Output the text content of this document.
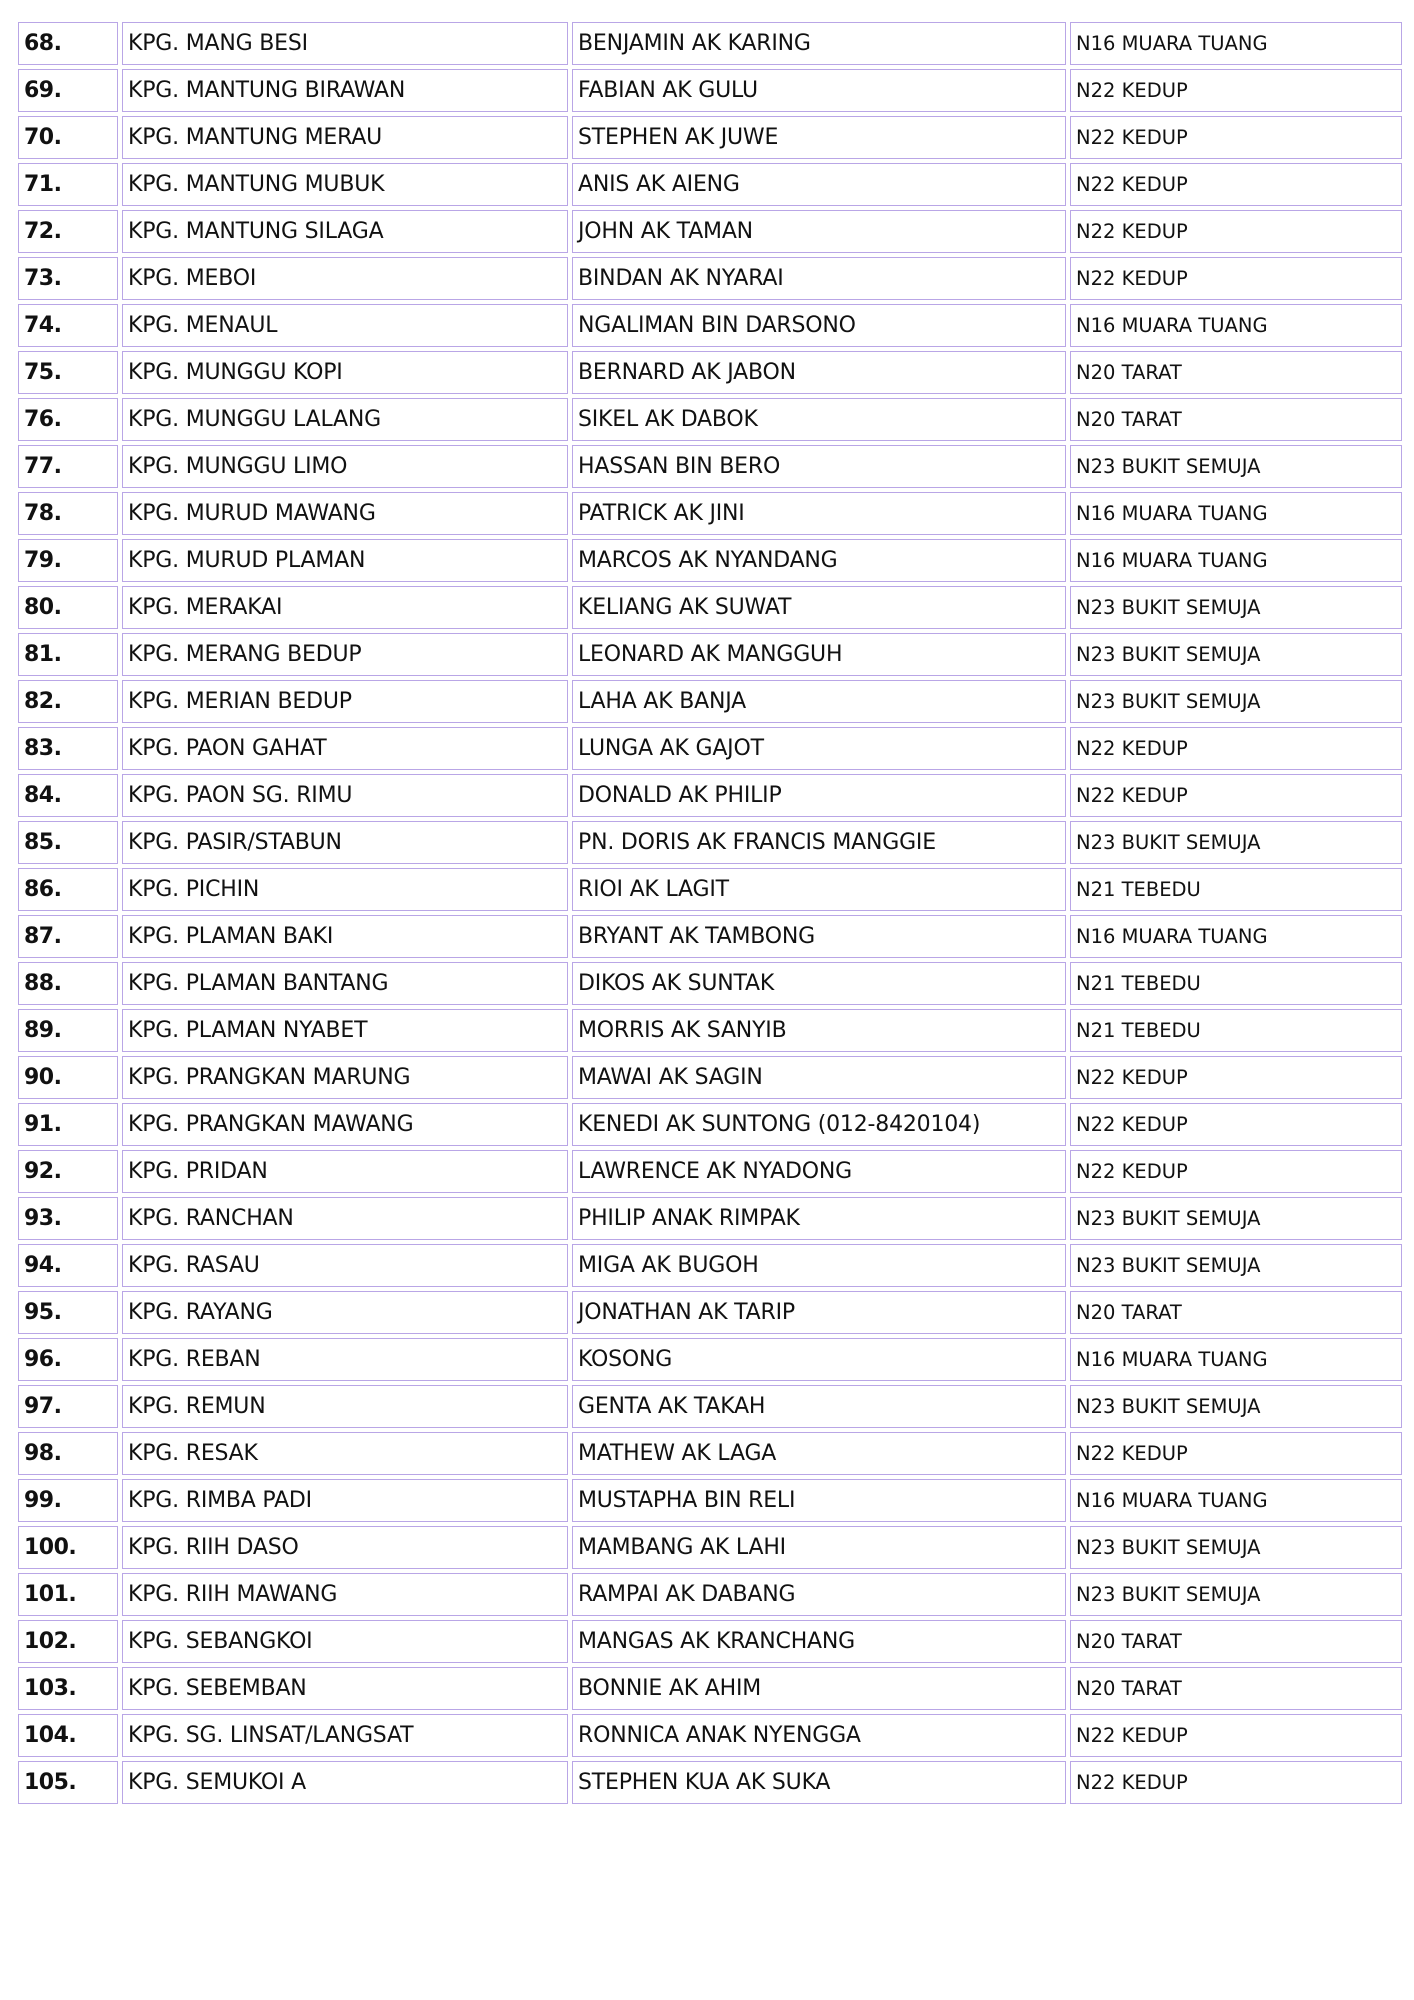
68.	KPG. MANG BESI	BENJAMIN AK KARING	N16 MUARA TUANG
69.	KPG. MANTUNG BIRAWAN	FABIAN AK GULU	N22 KEDUP
70.	KPG. MANTUNG MERAU	STEPHEN AK JUWE	N22 KEDUP
71.	KPG. MANTUNG MUBUK	ANIS AK AIENG	N22 KEDUP
72.	KPG. MANTUNG SILAGA	JOHN AK TAMAN	N22 KEDUP
73.	KPG. MEBOI	BINDAN AK NYARAI	N22 KEDUP
74.	KPG. MENAUL	NGALIMAN BIN DARSONO	N16 MUARA TUANG
75.	KPG. MUNGGU KOPI	BERNARD AK JABON	N20 TARAT
76.	KPG. MUNGGU LALANG	SIKEL AK DABOK	N20 TARAT
77.	KPG. MUNGGU LIMO	HASSAN BIN BERO	N23 BUKIT SEMUJA
78.	KPG. MURUD MAWANG	PATRICK AK JINI	N16 MUARA TUANG
79.	KPG. MURUD PLAMAN	MARCOS AK NYANDANG	N16 MUARA TUANG
80.	KPG. MERAKAI	KELIANG AK SUWAT	N23 BUKIT SEMUJA
81.	KPG. MERANG BEDUP	LEONARD AK MANGGUH	N23 BUKIT SEMUJA
82.	KPG. MERIAN BEDUP	LAHA AK BANJA	N23 BUKIT SEMUJA
83.	KPG. PAON GAHAT	LUNGA AK GAJOT	N22 KEDUP
84.	KPG. PAON SG. RIMU	DONALD AK PHILIP	N22 KEDUP
85.	KPG. PASIR/STABUN	PN. DORIS AK FRANCIS MANGGIE	N23 BUKIT SEMUJA
86.	KPG. PICHIN	RIOI AK LAGIT	N21 TEBEDU
87.	KPG. PLAMAN BAKI	BRYANT AK TAMBONG	N16 MUARA TUANG
88.	KPG. PLAMAN BANTANG	DIKOS AK SUNTAK	N21 TEBEDU
89.	KPG. PLAMAN NYABET	MORRIS AK SANYIB	N21 TEBEDU
90.	KPG. PRANGKAN MARUNG	MAWAI AK SAGIN	N22 KEDUP
91.	KPG. PRANGKAN MAWANG	KENEDI AK SUNTONG (012-8420104)	N22 KEDUP
92.	KPG. PRIDAN	LAWRENCE AK NYADONG	N22 KEDUP
93.	KPG. RANCHAN	PHILIP ANAK RIMPAK	N23 BUKIT SEMUJA
94.	KPG. RASAU	MIGA AK BUGOH	N23 BUKIT SEMUJA
95.	KPG. RAYANG	JONATHAN AK TARIP	N20 TARAT
96.	KPG. REBAN	KOSONG	N16 MUARA TUANG
97.	KPG. REMUN	GENTA AK TAKAH	N23 BUKIT SEMUJA
98.	KPG. RESAK	MATHEW AK LAGA	N22 KEDUP
99.	KPG. RIMBA PADI	MUSTAPHA BIN RELI	N16 MUARA TUANG
100.	KPG. RIIH DASO	MAMBANG AK LAHI	N23 BUKIT SEMUJA
101.	KPG. RIIH MAWANG	RAMPAI AK DABANG	N23 BUKIT SEMUJA
102.	KPG. SEBANGKOI	MANGAS AK KRANCHANG	N20 TARAT
103.	KPG. SEBEMBAN	BONNIE AK AHIM	N20 TARAT
104.	KPG. SG. LINSAT/LANGSAT	RONNICA ANAK NYENGGA	N22 KEDUP
105.	KPG. SEMUKOI A	STEPHEN KUA AK SUKA	N22 KEDUP
